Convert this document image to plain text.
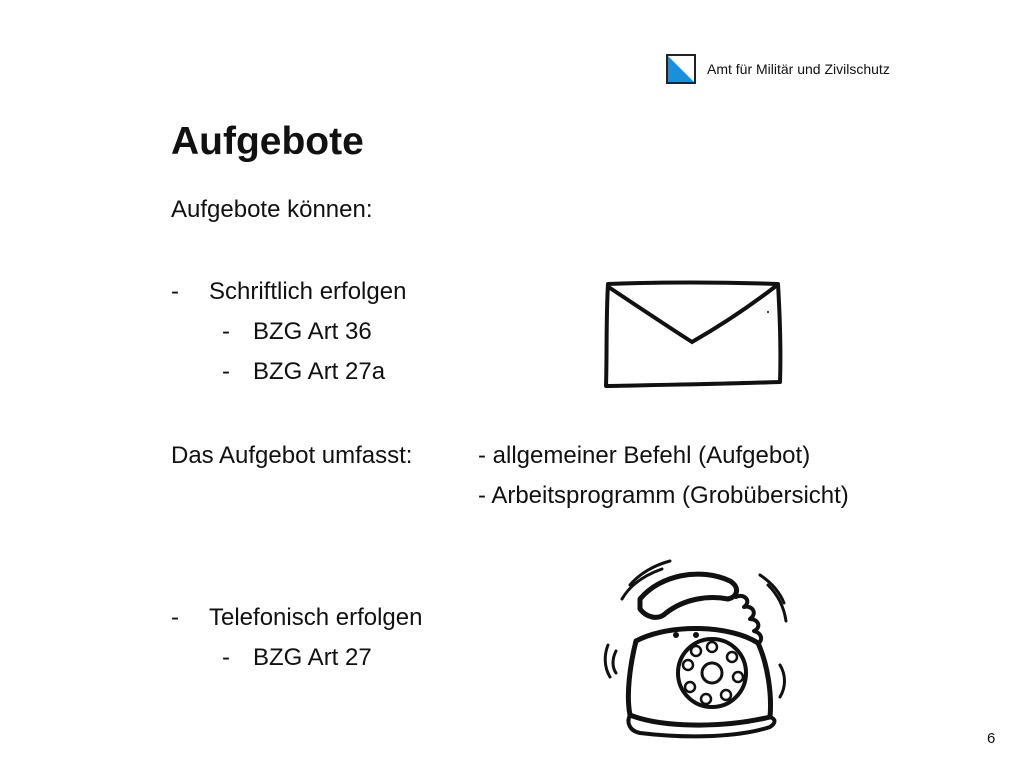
Amt für Militär und Zivilschutz
Aufgebote
Aufgebote können:
- Schriftlich erfolgen
- BZG Art 36
- BZG Art 27a
Das Aufgebot umfasst:	- allgemeiner Befehl (Aufgebot)
- Arbeitsprogramm (Grobübersicht)
- Telefonisch erfolgen
- BZG Art 27
6
